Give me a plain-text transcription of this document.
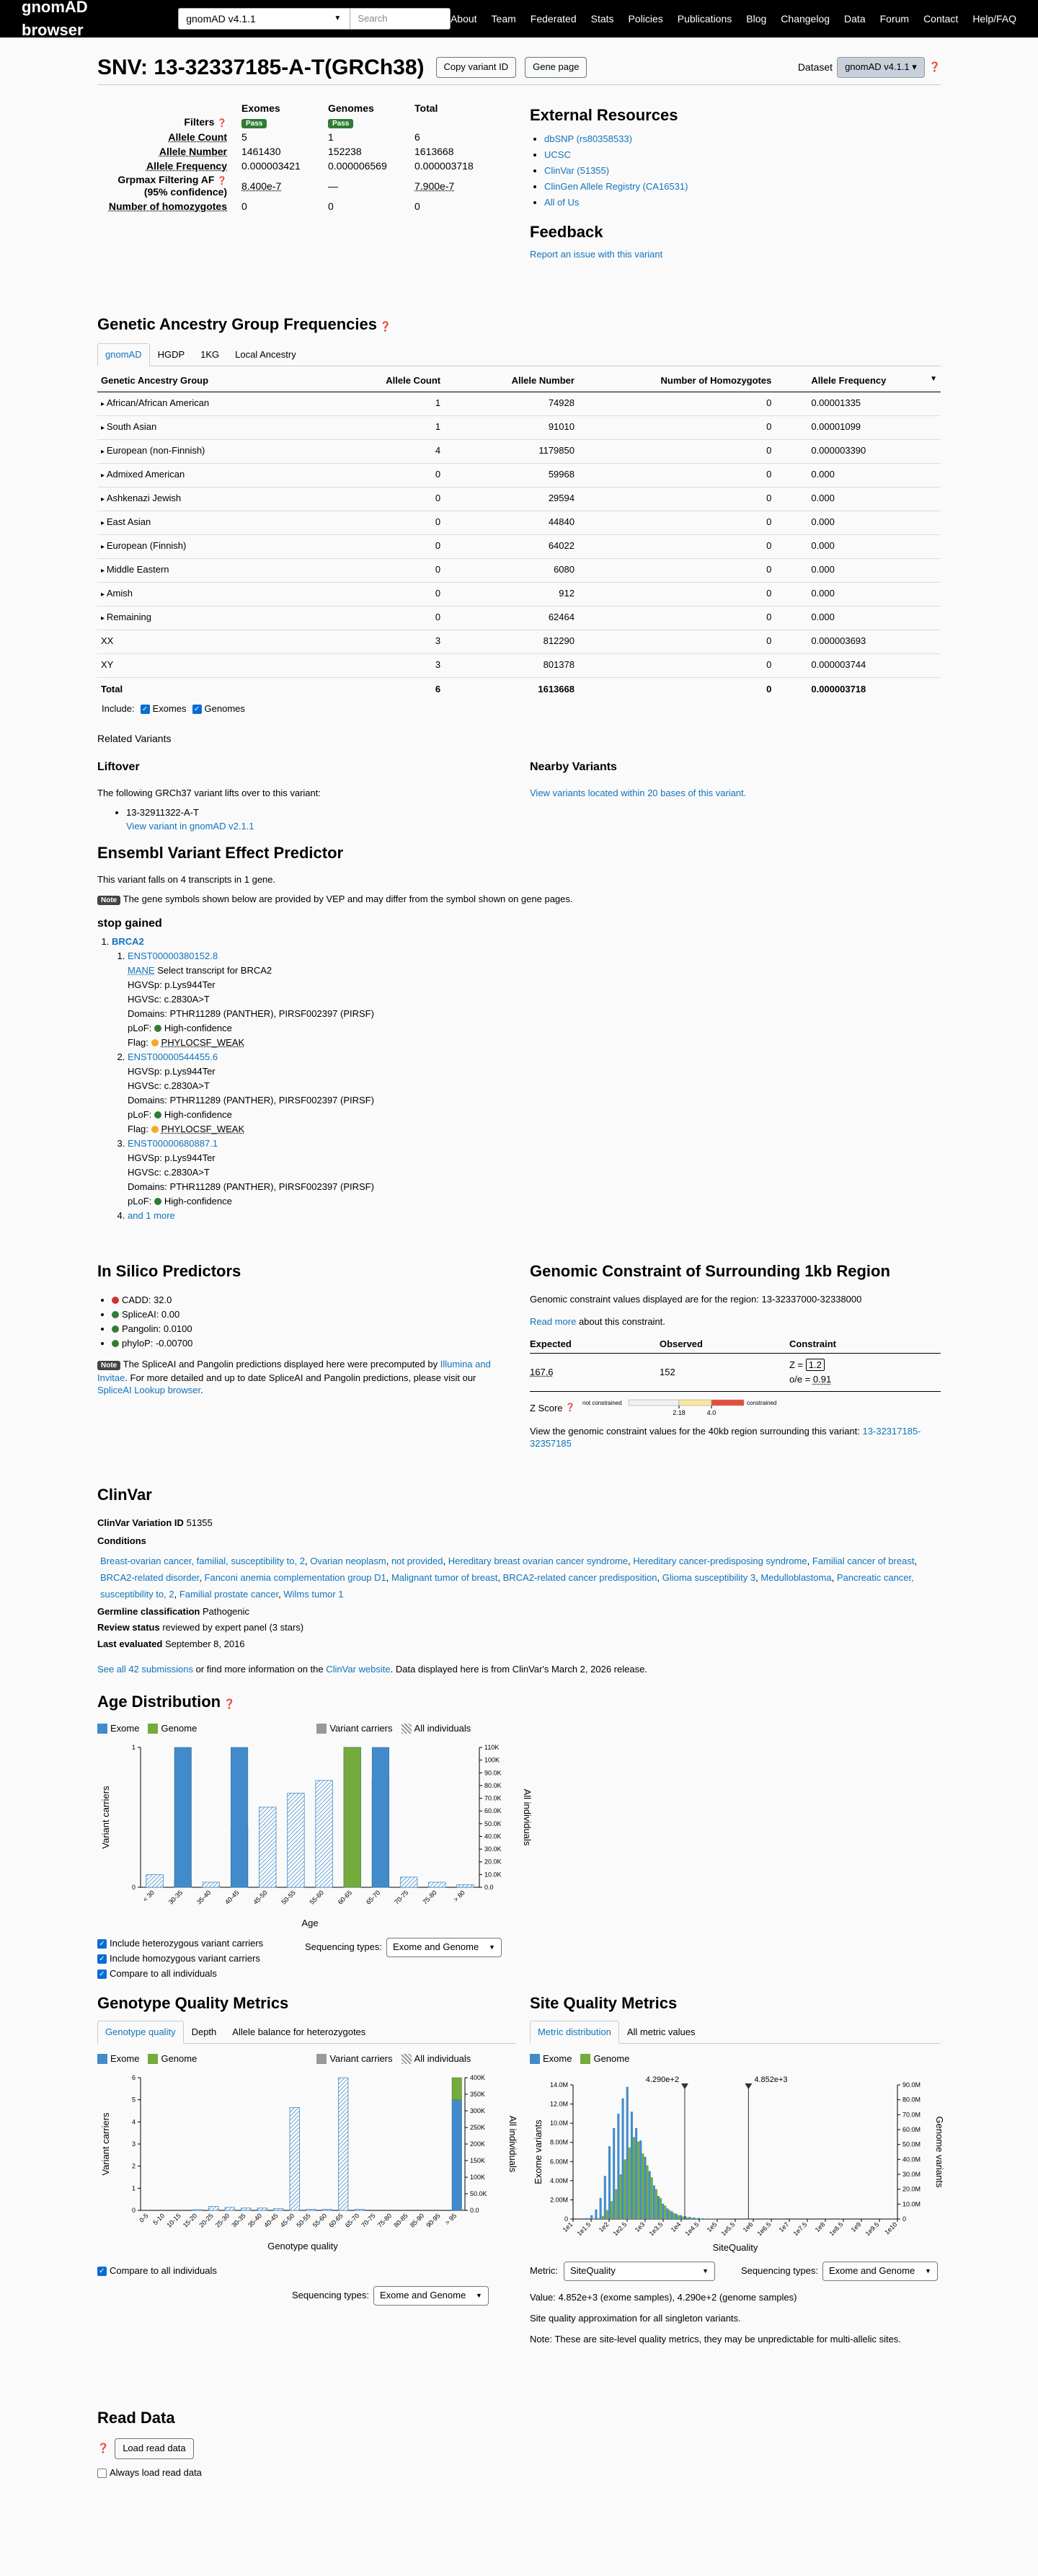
gnomAD browser
gnomAD v4.1.1	▼	Search	About Team Federated Stats Policies Publications Blog Changelog Data Forum Contact Help/FAQ
SNV: 13-32337185-A-T(GRCh38)	Copy variant ID	Gene page	Dataset	gnomAD v4.1.1 ▾	❓
Exomes	Genomes	Total
Filters ❓	Pass	Pass
Allele Count 5	1	6
Allele Number 1461430	152238	1613668
Allele Frequency 0.000003421	0.000006569	0.000003718
Grpmax Filtering AF ❓
(95% confidence)
8.400e-7	—	7.900e-7
Number of homozygotes 0	0	0
External Resources
• dbSNP (rs80358533)
• UCSC
• ClinVar (51355)
• ClinGen Allele Registry (CA16531)
• All of Us
Feedback
Report an issue with this variant
Genetic Ancestry Group Frequencies ❓
gnomAD	HGDP	1KG	Local Ancestry
Genetic Ancestry Group	Allele Count	Allele Number	Number of Homozygotes	Allele Frequency ▼

▸ African/African American	1	74928	0	0.00001335
▸ South Asian	1	91010	0	0.00001099
▸ European (non-Finnish)	4	1179850	0	0.000003390
▸ Admixed American	0	59968	0	0.000
▸ Ashkenazi Jewish	0	29594	0	0.000
▸ East Asian	0	44840	0	0.000
▸ European (Finnish)	0	64022	0	0.000
▸ Middle Eastern	0	6080	0	0.000
▸ Amish	0	912	0	0.000
▸ Remaining	0	62464	0	0.000
XX	3	812290	0	0.000003693
XY	3	801378	0	0.000003744
Total	6	1613668	0	0.000003718
Include: ✓ Exomes ✓ Genomes
Related Variants
Liftover

The following GRCh37 variant lifts over to this variant:

• 13-32911322-A-T
View variant in gnomAD v2.1.1
Nearby Variants
View variants located within 20 bases of this variant.
Ensembl Variant Effect Predictor

This variant falls on 4 transcripts in 1 gene.

Note The gene symbols shown below are provided by VEP and may differ from the symbol shown on gene pages.

stop gained
1. BRCA2
1. ENST00000380152.8
MANE Select transcript for BRCA2
HGVSp: p.Lys944Ter
HGVSc: c.2830A>T
Domains: PTHR11289 (PANTHER), PIRSF002397 (PIRSF)
pLoF: High-confidence
Flag: PHYLOCSF_WEAK
2. ENST00000544455.6
HGVSp: p.Lys944Ter
HGVSc: c.2830A>T
Domains: PTHR11289 (PANTHER), PIRSF002397 (PIRSF)
pLoF: High-confidence
Flag: PHYLOCSF_WEAK
3. ENST00000680887.1
HGVSp: p.Lys944Ter
HGVSc: c.2830A>T
Domains: PTHR11289 (PANTHER), PIRSF002397 (PIRSF)
pLoF: High-confidence
4. and 1 more
In Silico Predictors
• CADD: 32.0
• SpliceAI: 0.00
• Pangolin: 0.0100
• phyloP: -0.00700

Note The SpliceAI and Pangolin predictions displayed here were precomputed by Illumina and Invitae. For more detailed and up to date SpliceAI and Pangolin predictions, please visit our SpliceAI Lookup browser.

Genomic Constraint of Surrounding 1kb Region

Genomic constraint values displayed are for the region: 13-32337000-32338000

Read more about this constraint.

Expected	Observed	Constraint
167.6	152
Z = 1.2
o/e = 0.91
Z Score
❓
not constrained	constrained
2.18	4.0

View the genomic constraint values for the 40kb region surrounding this variant: 13-32317185-32357185

ClinVar

ClinVar Variation ID 51355

Conditions

Breast-ovarian cancer, familial, susceptibility to, 2, Ovarian neoplasm, not provided, Hereditary breast ovarian cancer syndrome, Hereditary cancer-predisposing syndrome, Familial cancer of breast, BRCA2-related disorder, Fanconi anemia complementation group D1, Malignant tumor of breast, BRCA2-related cancer predisposition, Glioma susceptibility 3, Medulloblastoma, Pancreatic cancer, susceptibility to, 2, Familial prostate cancer, Wilms tumor 1

Germline classification Pathogenic

Review status reviewed by expert panel (3 stars)

Last evaluated September 8, 2016

See all 42 submissions or find more information on the ClinVar website. Data displayed here is from ClinVar's March 2, 2026 release.

Age Distribution ❓
Exome Genome	Variant carriers All individuals
0
1
0.0
10.0K
20.0K
30.0K
40.0K
50.0K
60.0K
70.0K
80.0K
90.0K
100K
110K
< 30 30-35 35-40 40-45 45-50 50-55 55-60 60-65 65-70 70-75 75-80 > 80
Variant carriers	All individuals
Age
✓ Include heterozygous variant carriers
✓ Include homozygous variant carriers
✓ Compare to all individuals
Sequencing types: Exome and Genome ▼
Genotype Quality Metrics
Genotype quality	Depth	Allele balance for heterozygotes
Exome Genome	Variant carriers All individuals
0
1
2
3
4
5
6
0.0
50.0K
100K
150K
200K
250K
300K
350K
400K
0-5 5-10 10-15 15-20 20-25 25-30 30-35 35-40 40-45 45-50 50-55 55-60 60-65 65-70 70-75 75-80 80-85 85-90 90-95 > 95
Variant carriers	All individuals
Genotype quality
✓ Compare to all individuals
Sequencing types: Exome and Genome ▼
Site Quality Metrics
Metric distribution	All metric values
Exome Genome
0
2.00M
4.00M
6.00M
8.00M
10.0M
12.0M
14.0M
0
10.0M
20.0M
30.0M
40.0M
50.0M
60.0M
70.0M
80.0M
90.0M
1e1 1e1.5 1e2 1e2.5 1e3 1e3.5 1e4 1e4.5 1e5 1e5.5 1e6 1e6.5 1e7 1e7.5 1e8 1e8.5 1e9 1e9.5 1e10
4.290e+2	4.852e+3
Exome variants	Genome variants
SiteQuality
Metric: SiteQuality	▼	Sequencing types: Exome and Genome ▼

Value: 4.852e+3 (exome samples), 4.290e+2 (genome samples)

Site quality approximation for all singleton variants.

Note: These are site-level quality metrics, they may be unpredictable for multi-allelic sites.

Read Data
❓	Load read data
Always load read data
